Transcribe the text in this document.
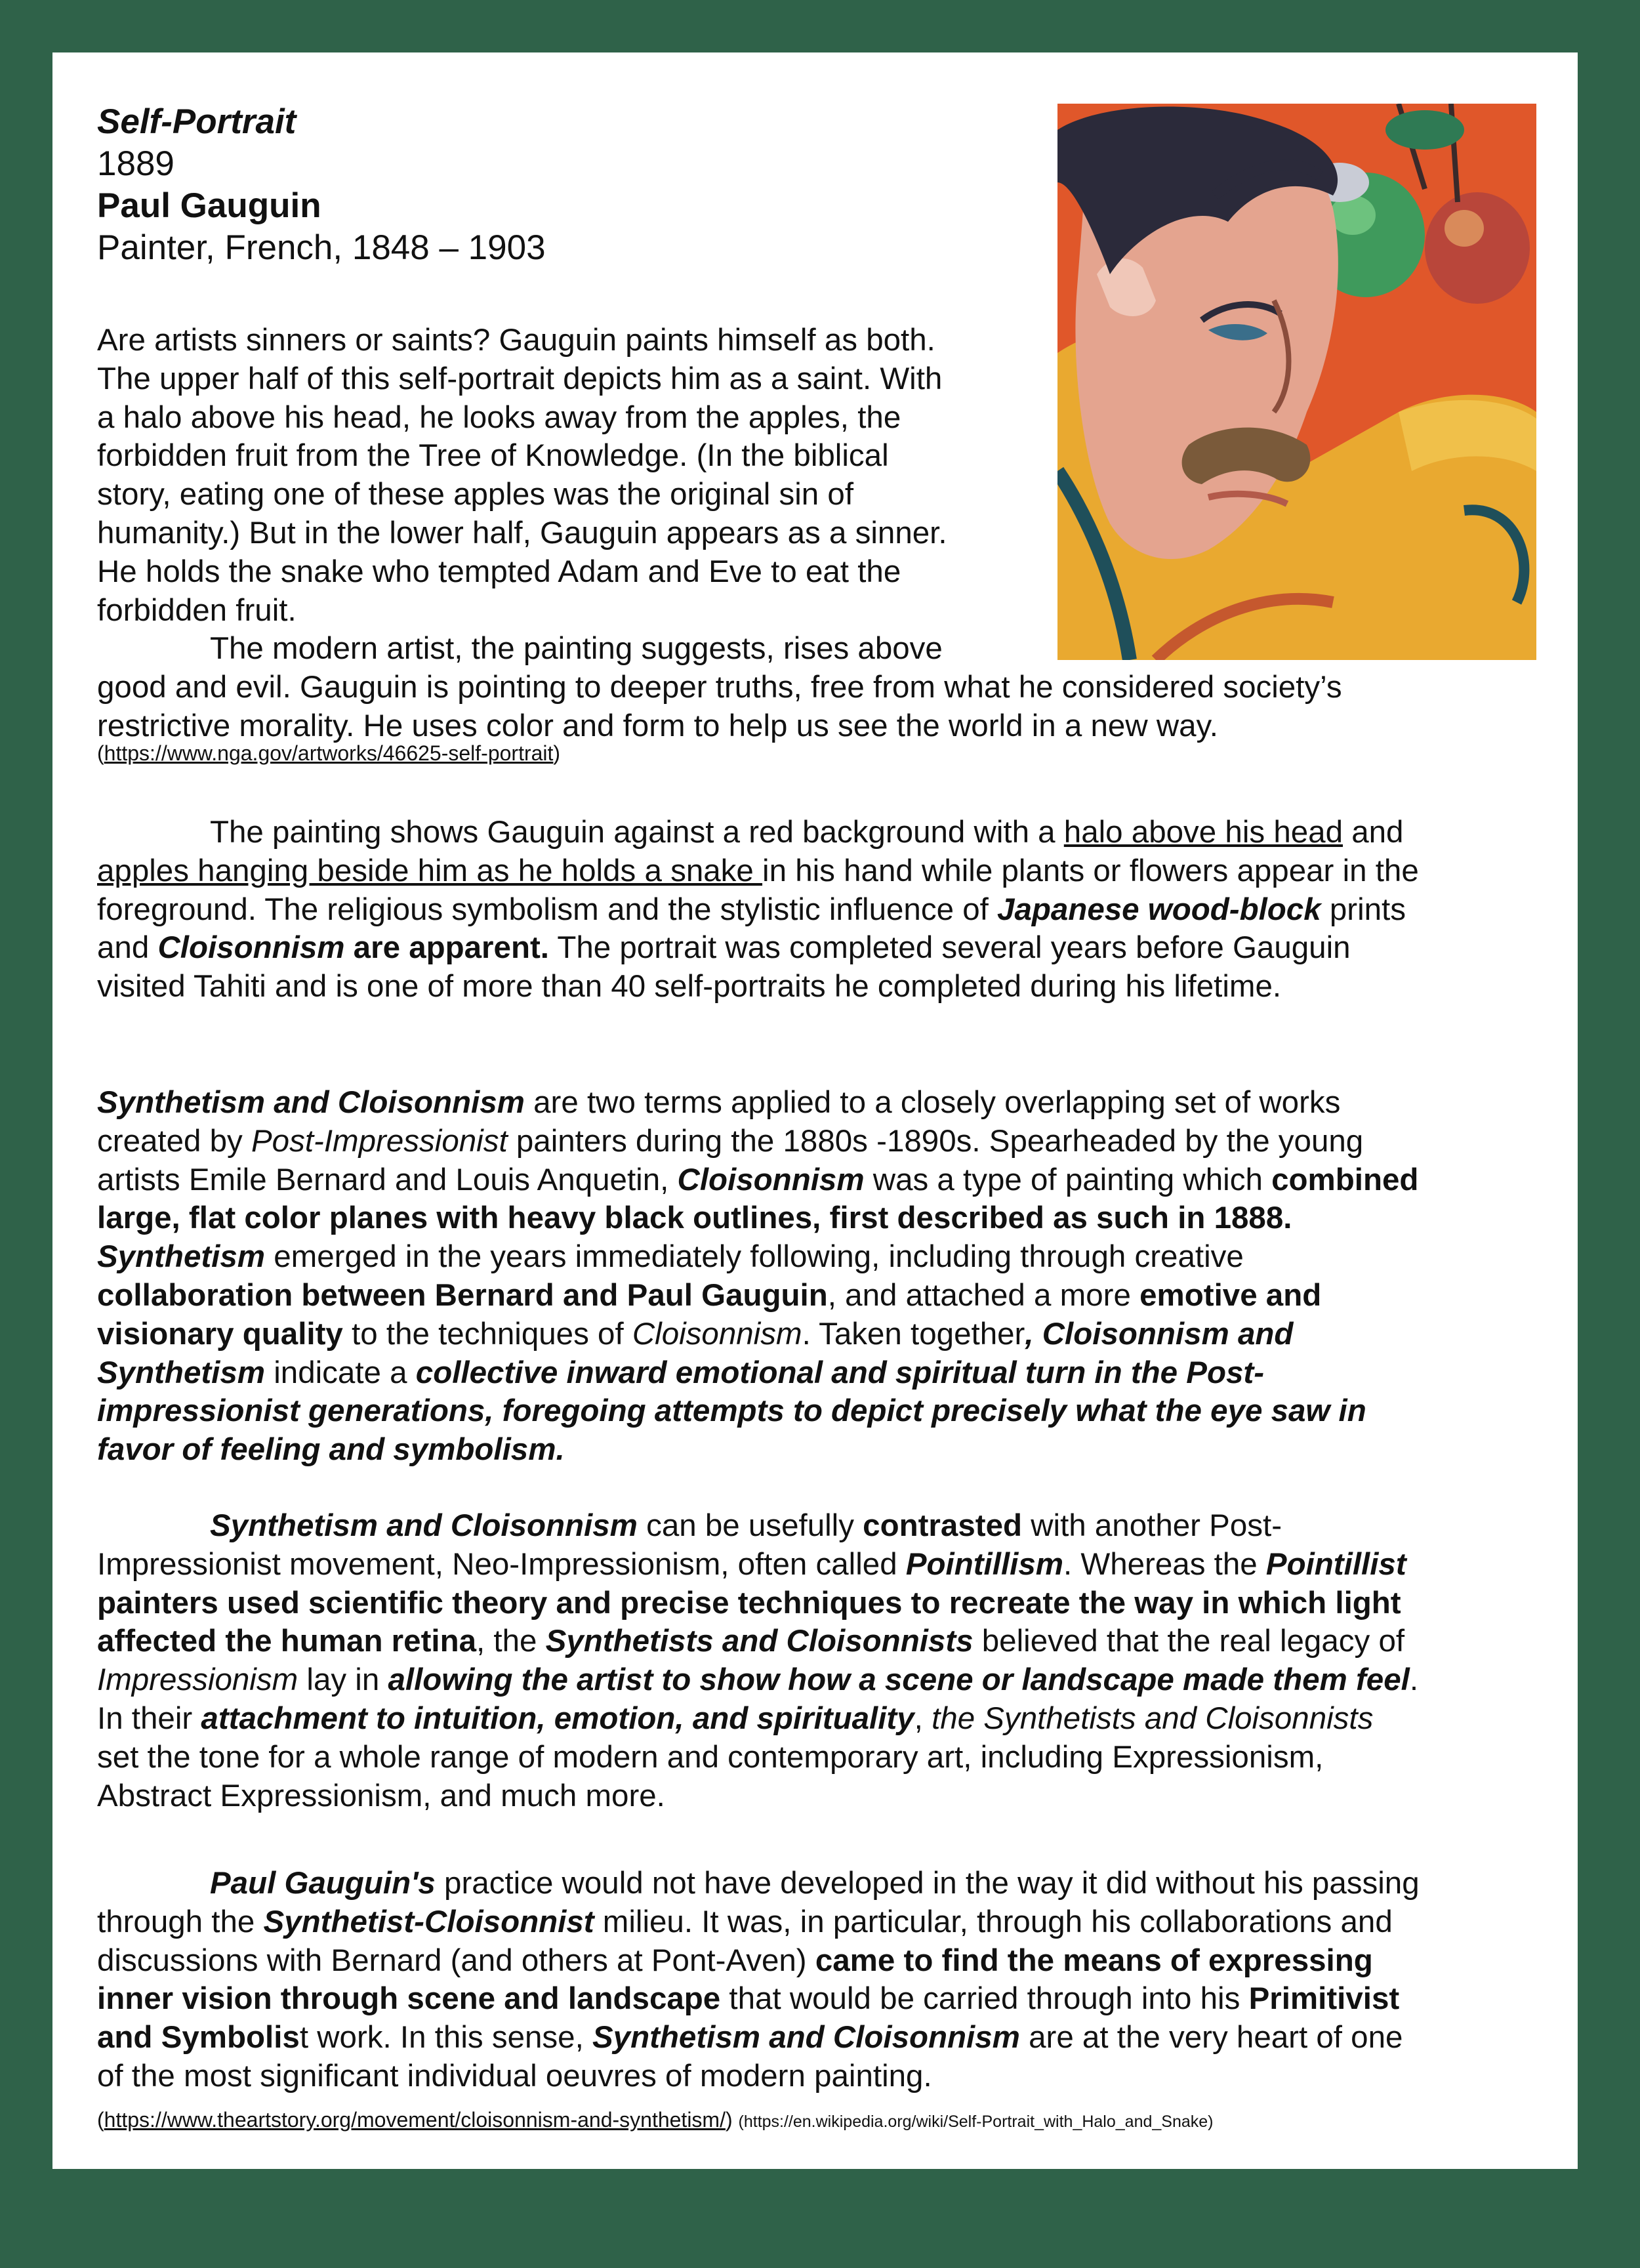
Self-Portrait
1889
Paul Gauguin
Painter, French, 1848 – 1903
Are artists sinners or saints? Gauguin paints himself as both.
The upper half of this self-portrait depicts him as a saint. With
a halo above his head, he looks away from the apples, the
forbidden fruit from the Tree of Knowledge. (In the biblical
story, eating one of these apples was the original sin of
humanity.) But in the lower half, Gauguin appears as a sinner.
He holds the snake who tempted Adam and Eve to eat the
forbidden fruit.
The modern artist, the painting suggests, rises above
good and evil. Gauguin is pointing to deeper truths, free from what he considered society’s
restrictive morality. He uses color and form to help us see the world in a new way.
(https://www.nga.gov/artworks/46625-self-portrait)
The painting shows Gauguin against a red background with a halo above his head and
apples hanging beside him as he holds a snake in his hand while plants or flowers appear in the
foreground. The religious symbolism and the stylistic influence of Japanese wood-block prints
and Cloisonnism are apparent. The portrait was completed several years before Gauguin
visited Tahiti and is one of more than 40 self-portraits he completed during his lifetime.
Synthetism and Cloisonnism are two terms applied to a closely overlapping set of works
created by Post-Impressionist painters during the 1880s -1890s. Spearheaded by the young
artists Emile Bernard and Louis Anquetin, Cloisonnism was a type of painting which combined
large, flat color planes with heavy black outlines, first described as such in 1888.
Synthetism emerged in the years immediately following, including through creative
collaboration between Bernard and Paul Gauguin, and attached a more emotive and
visionary quality to the techniques of Cloisonnism. Taken together, Cloisonnism and
Synthetism indicate a collective inward emotional and spiritual turn in the Post-
impressionist generations, foregoing attempts to depict precisely what the eye saw in
favor of feeling and symbolism.
Synthetism and Cloisonnism can be usefully contrasted with another Post-
Impressionist movement, Neo-Impressionism, often called Pointillism. Whereas the Pointillist
painters used scientific theory and precise techniques to recreate the way in which light
affected the human retina, the Synthetists and Cloisonnists believed that the real legacy of
Impressionism lay in allowing the artist to show how a scene or landscape made them feel.
In their attachment to intuition, emotion, and spirituality, the Synthetists and Cloisonnists
set the tone for a whole range of modern and contemporary art, including Expressionism,
Abstract Expressionism, and much more.
Paul Gauguin's practice would not have developed in the way it did without his passing
through the Synthetist-Cloisonnist milieu. It was, in particular, through his collaborations and
discussions with Bernard (and others at Pont-Aven) came to find the means of expressing
inner vision through scene and landscape that would be carried through into his Primitivist
and Symbolist work. In this sense, Synthetism and Cloisonnism are at the very heart of one
of the most significant individual oeuvres of modern painting.
(https://www.theartstory.org/movement/cloisonnism-and-synthetism/) (https://en.wikipedia.org/wiki/Self-Portrait_with_Halo_and_Snake)
